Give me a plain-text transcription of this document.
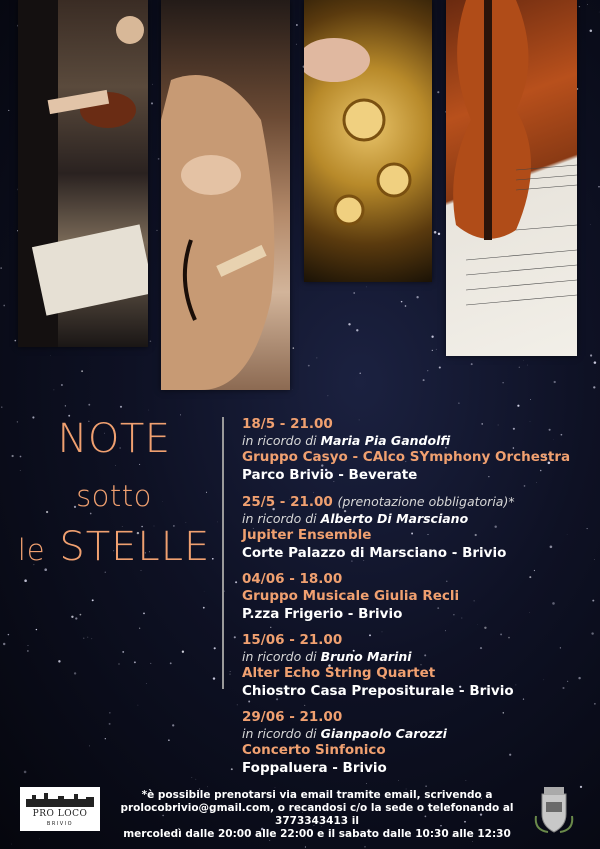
NOTE sotto
le STELLE
18/5 - 21.00
in ricordo di Maria Pia Gandolfi
Gruppo Casyo - CAlco SYmphony Orchestra
Parco Brivio - Beverate
25/5 - 21.00 (prenotazione obbligatoria)*
in ricordo di Alberto Di Marsciano
Jupiter Ensemble
Corte Palazzo di Marsciano - Brivio
04/06 - 18.00
Gruppo Musicale Giulia Recli
P.zza Frigerio - Brivio
15/06 - 21.00
in ricordo di Bruno Marini
Alter Echo String Quartet
Chiostro Casa Prepositurale - Brivio
29/06 - 21.00
in ricordo di Gianpaolo Carozzi
Concerto Sinfonico
Foppaluera - Brivio
PRO LOCO
BRIVIO
*è possibile prenotarsi via email tramite email, scrivendo a
prolocobrivio@gmail.com, o recandosi c/o la sede o telefonando al 3773343413 il
mercoledì dalle 20:00 alle 22:00 e il sabato dalle 10:30 alle 12:30
